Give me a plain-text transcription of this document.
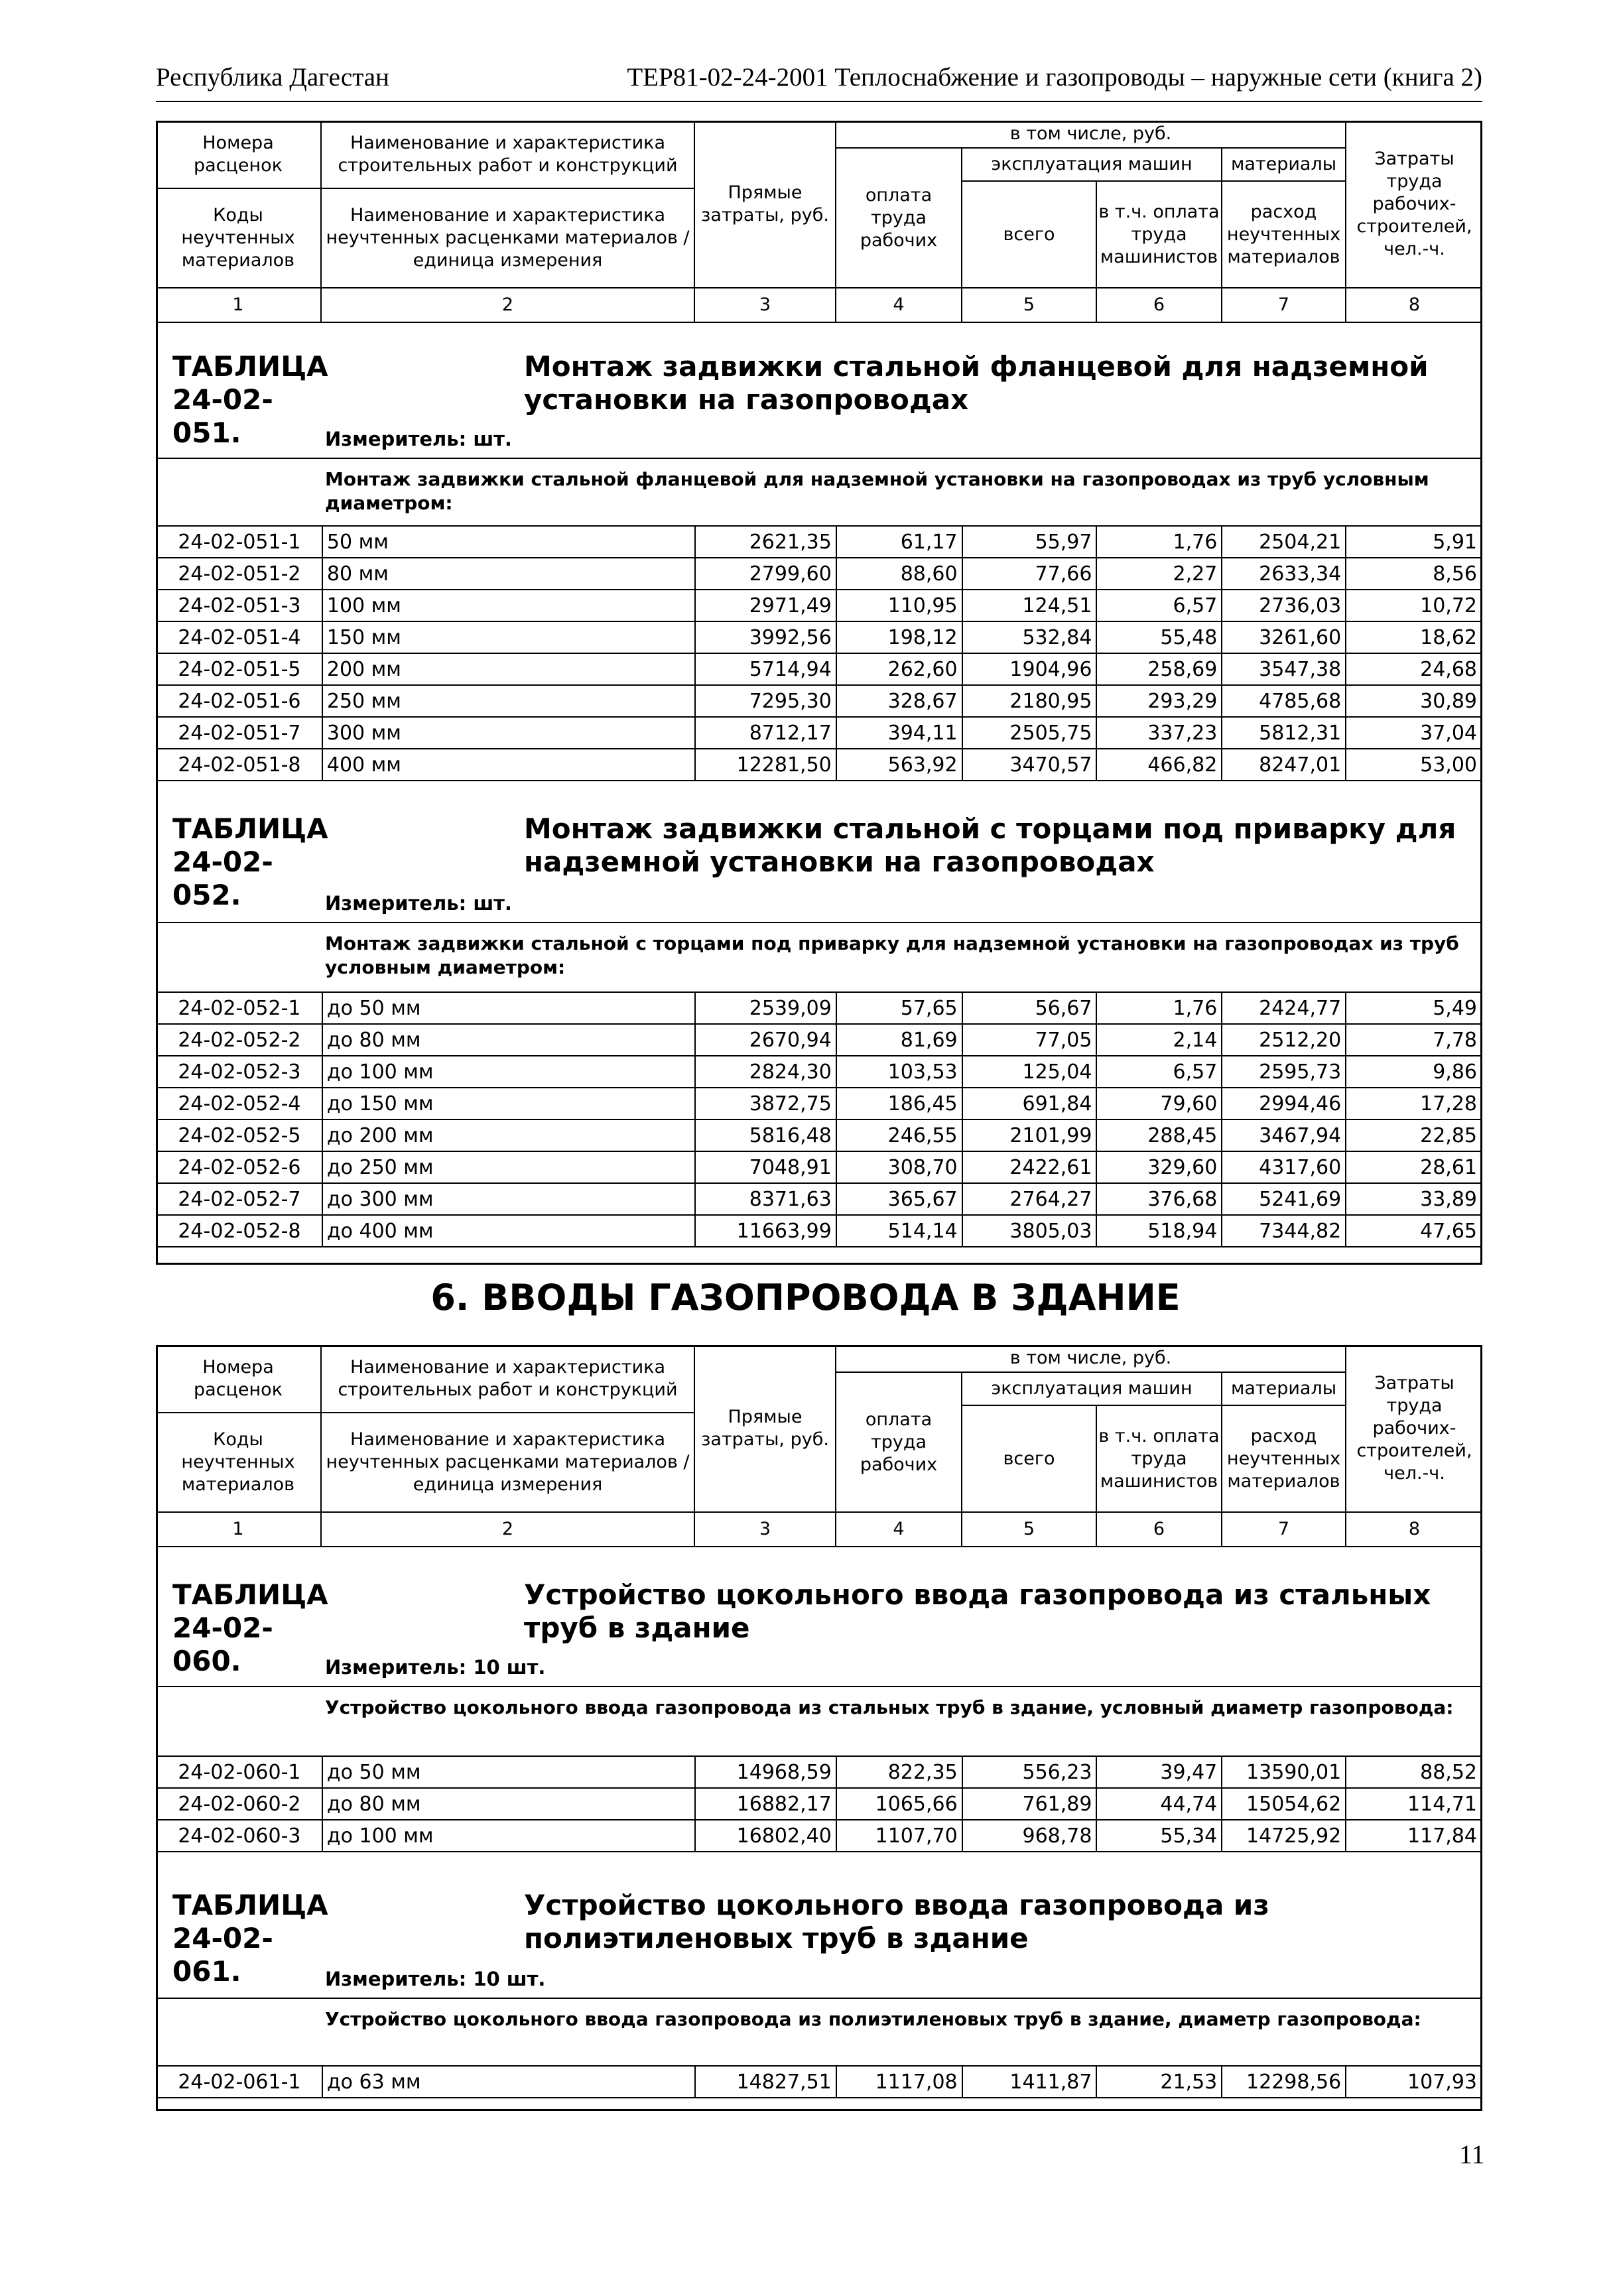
Республика Дагестан	ТЕР81-02-24-2001 Теплоснабжение и газопроводы – наружные сети (книга 2)
Номера расценок
Коды неучтенных материалов
Наименование и характеристика строительных работ и конструкций
Наименование и характеристика неучтенных расценками материалов / единица измерения
Прямые затраты, руб.
в том числе, руб.
оплата труда рабочих
эксплуатация машин	материалы
всего
в т.ч. оплата труда машинистов
расход неучтенных материалов
Затраты труда рабочих-строителей, чел.-ч.
1	2	3	4	5	6	7	8
ТАБЛИЦА 24-02-051.
Монтаж задвижки стальной фланцевой для надземной установки на газопроводах
Измеритель: шт.
Монтаж задвижки стальной фланцевой для надземной установки на газопроводах из труб условным диаметром:
24-02-051-1	50 мм	2621,35	61,17	55,97	1,76	2504,21	5,91
24-02-051-2	80 мм	2799,60	88,60	77,66	2,27	2633,34	8,56
24-02-051-3	100 мм	2971,49	110,95	124,51	6,57	2736,03	10,72
24-02-051-4	150 мм	3992,56	198,12	532,84	55,48	3261,60	18,62
24-02-051-5	200 мм	5714,94	262,60	1904,96	258,69	3547,38	24,68
24-02-051-6	250 мм	7295,30	328,67	2180,95	293,29	4785,68	30,89
24-02-051-7	300 мм	8712,17	394,11	2505,75	337,23	5812,31	37,04
24-02-051-8	400 мм	12281,50	563,92	3470,57	466,82	8247,01	53,00
ТАБЛИЦА 24-02-052.
Монтаж задвижки стальной с торцами под приварку для надземной установки на газопроводах
Измеритель: шт.
Монтаж задвижки стальной с торцами под приварку для надземной установки на газопроводах из труб условным диаметром:
24-02-052-1	до 50 мм	2539,09	57,65	56,67	1,76	2424,77	5,49
24-02-052-2	до 80 мм	2670,94	81,69	77,05	2,14	2512,20	7,78
24-02-052-3	до 100 мм	2824,30	103,53	125,04	6,57	2595,73	9,86
24-02-052-4	до 150 мм	3872,75	186,45	691,84	79,60	2994,46	17,28
24-02-052-5	до 200 мм	5816,48	246,55	2101,99	288,45	3467,94	22,85
24-02-052-6	до 250 мм	7048,91	308,70	2422,61	329,60	4317,60	28,61
24-02-052-7	до 300 мм	8371,63	365,67	2764,27	376,68	5241,69	33,89
24-02-052-8	до 400 мм	11663,99	514,14	3805,03	518,94	7344,82	47,65
6. ВВОДЫ ГАЗОПРОВОДА В ЗДАНИЕ
Номера расценок
Коды неучтенных материалов
Наименование и характеристика строительных работ и конструкций
Наименование и характеристика неучтенных расценками материалов / единица измерения
Прямые затраты, руб.
в том числе, руб.
оплата труда рабочих
эксплуатация машин	материалы
всего
в т.ч. оплата труда машинистов
расход неучтенных материалов
Затраты труда рабочих-строителей, чел.-ч.
1	2	3	4	5	6	7	8
ТАБЛИЦА 24-02-060.
Устройство цокольного ввода газопровода из стальных труб в здание
Измеритель: 10 шт.
Устройство цокольного ввода газопровода из стальных труб в здание, условный диаметр газопровода:
24-02-060-1	до 50 мм	14968,59	822,35	556,23	39,47	13590,01	88,52
24-02-060-2	до 80 мм	16882,17	1065,66	761,89	44,74	15054,62	114,71
24-02-060-3	до 100 мм	16802,40	1107,70	968,78	55,34	14725,92	117,84
ТАБЛИЦА 24-02-061.
Устройство цокольного ввода газопровода из полиэтиленовых труб в здание
Измеритель: 10 шт.
Устройство цокольного ввода газопровода из полиэтиленовых труб в здание, диаметр газопровода:
24-02-061-1	до 63 мм	14827,51	1117,08	1411,87	21,53	12298,56	107,93
11
